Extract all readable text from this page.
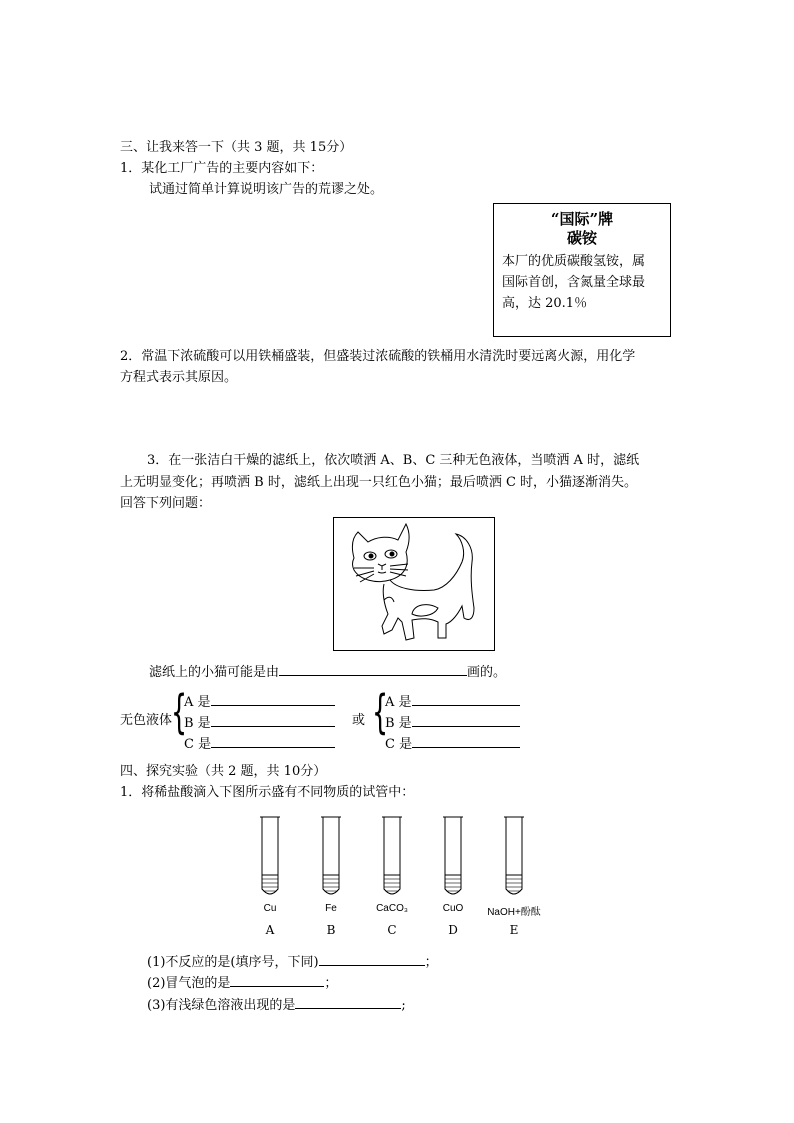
三、让我来答一下（共 3 题，共 15分）
1．某化工厂广告的主要内容如下：
试通过简单计算说明该广告的荒谬之处。
“国际”牌
碳铵
本厂的优质碳酸氢铵，属
国际首创，含氮量全球最
高，达 20.1％
2．常温下浓硫酸可以用铁桶盛装，但盛装过浓硫酸的铁桶用水清洗时要远离火源，用化学
方程式表示其原因。
3．在一张洁白干燥的滤纸上，依次喷洒 A、B、C 三种无色液体，当喷洒 A 时，滤纸
上无明显变化；再喷洒 B 时，滤纸上出现一只红色小猫；最后喷洒 C 时，小猫逐渐消失。
回答下列问题：
滤纸上的小猫可能是由	画的。
无色液体
{
A 是
B 是
C 是
或 {
A 是
B 是
C 是
四、探究实验（共 2 题，共 10分）
1．将稀盐酸滴入下图所示盛有不同物质的试管中：
Cu	Fe	CaCO₃	CuO	NaOH+酚酞
A	B	C	D	E
(1)不反应的是(填序号，下同)	；
(2)冒气泡的是	；
(3)有浅绿色溶液出现的是	;
